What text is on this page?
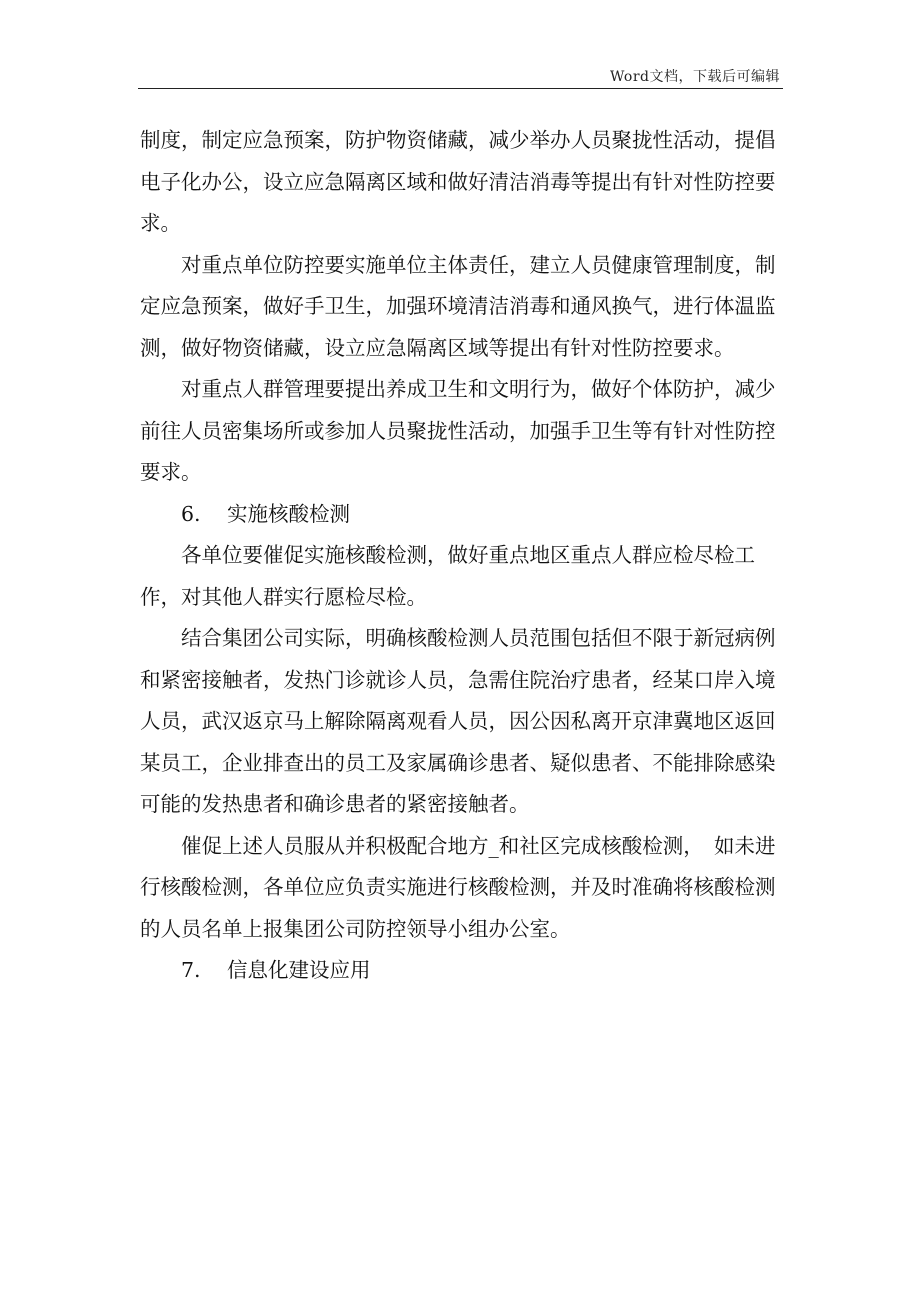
Word文档，下载后可编辑

制度，制定应急预案，防护物资储藏，减少举办人员聚拢性活动，提倡电子化办公，设立应急隔离区域和做好清洁消毒等提出有针对性防控要求。

对重点单位防控要实施单位主体责任，建立人员健康管理制度，制定应急预案，做好手卫生，加强环境清洁消毒和通风换气，进行体温监测，做好物资储藏，设立应急隔离区域等提出有针对性防控要求。

对重点人群管理要提出养成卫生和文明行为，做好个体防护，减少前往人员密集场所或参加人员聚拢性活动，加强手卫生等有针对性防控要求。

6. 实施核酸检测

各单位要催促实施核酸检测，做好重点地区重点人群应检尽检工作，对其他人群实行愿检尽检。

结合集团公司实际，明确核酸检测人员范围包括但不限于新冠病例和紧密接触者，发热门诊就诊人员，急需住院治疗患者，经某口岸入境人员，武汉返京马上解除隔离观看人员，因公因私离开京津冀地区返回某员工，企业排查出的员工及家属确诊患者、疑似患者、不能排除感染可能的发热患者和确诊患者的紧密接触者。

催促上述人员服从并积极配合地方_和社区完成核酸检测，　如未进行核酸检测，各单位应负责实施进行核酸检测，并及时准确将核酸检测的人员名单上报集团公司防控领导小组办公室。

7. 信息化建设应用
